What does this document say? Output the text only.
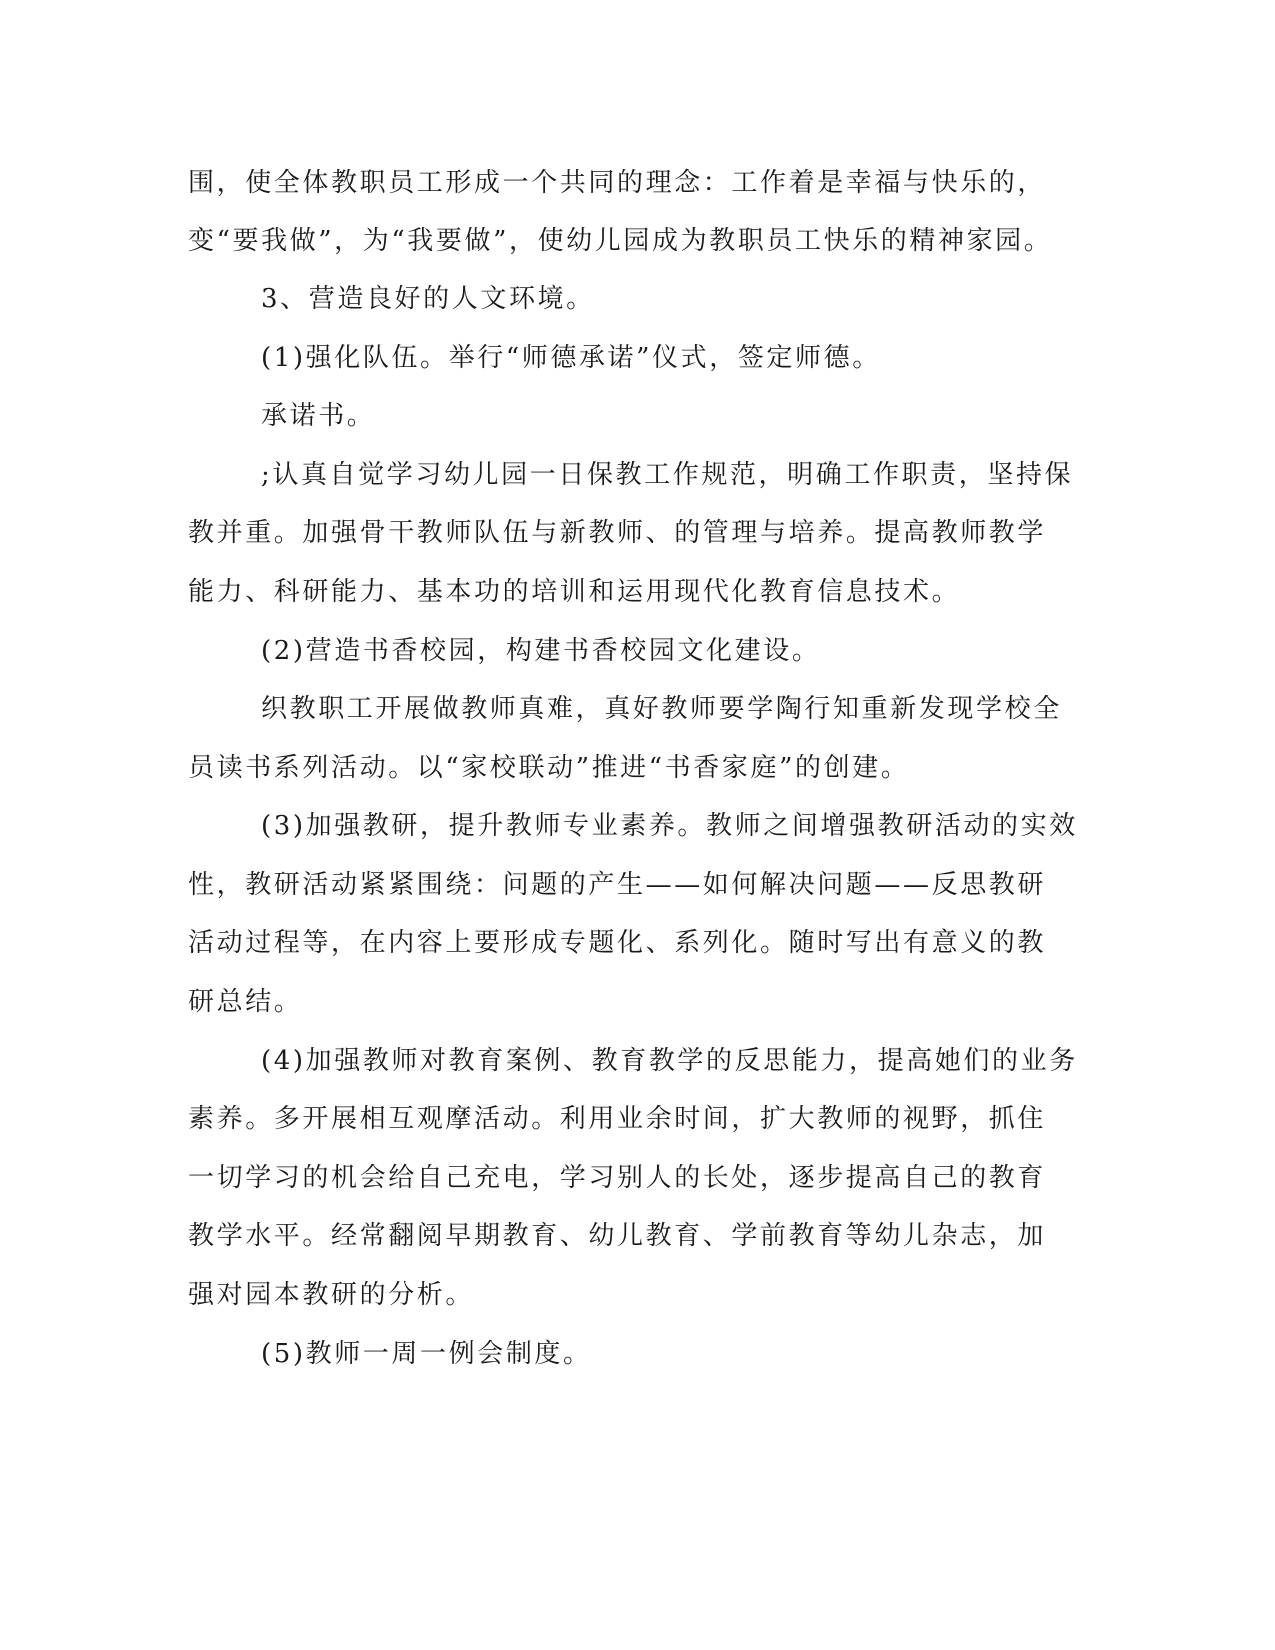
围，使全体教职员工形成一个共同的理念：工作着是幸福与快乐的，
变“要我做”，为“我要做”，使幼儿园成为教职员工快乐的精神家园。
3、营造良好的人文环境。
(1)强化队伍。举行“师德承诺”仪式，签定师德。
承诺书。
;认真自觉学习幼儿园一日保教工作规范，明确工作职责，坚持保
教并重。加强骨干教师队伍与新教师、的管理与培养。提高教师教学
能力、科研能力、基本功的培训和运用现代化教育信息技术。
(2)营造书香校园，构建书香校园文化建设。
织教职工开展做教师真难，真好教师要学陶行知重新发现学校全
员读书系列活动。以“家校联动”推进“书香家庭”的创建。
(3)加强教研，提升教师专业素养。教师之间增强教研活动的实效
性，教研活动紧紧围绕：问题的产生——如何解决问题——反思教研
活动过程等，在内容上要形成专题化、系列化。随时写出有意义的教
研总结。
(4)加强教师对教育案例、教育教学的反思能力，提高她们的业务
素养。多开展相互观摩活动。利用业余时间，扩大教师的视野，抓住
一切学习的机会给自己充电，学习别人的长处，逐步提高自己的教育
教学水平。经常翻阅早期教育、幼儿教育、学前教育等幼儿杂志，加
强对园本教研的分析。
(5)教师一周一例会制度。
